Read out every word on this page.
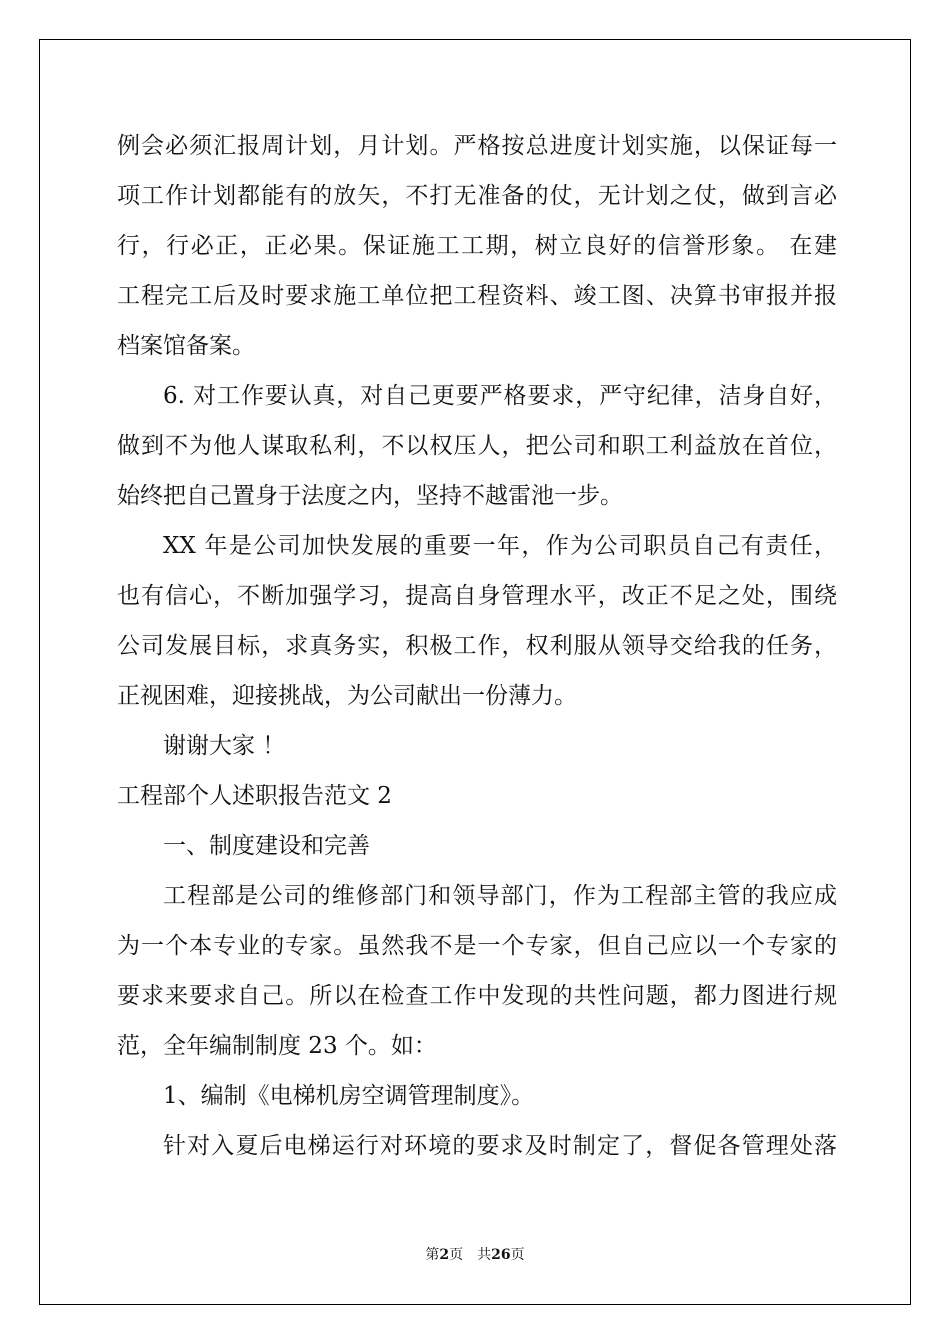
例会必须汇报周计划，月计划。严格按总进度计划实施，以保证每一
项工作计划都能有的放矢，不打无准备的仗，无计划之仗，做到言必
行，行必正，正必果。保证施工工期，树立良好的信誉形象。 在建
工程完工后及时要求施工单位把工程资料、竣工图、决算书审报并报
档案馆备案。
6. 对工作要认真，对自己更要严格要求，严守纪律，洁身自好，
做到不为他人谋取私利，不以权压人，把公司和职工利益放在首位，
始终把自己置身于法度之内，坚持不越雷池一步。
XX 年是公司加快发展的重要一年，作为公司职员自己有责任，
也有信心，不断加强学习，提高自身管理水平，改正不足之处，围绕
公司发展目标，求真务实，积极工作，权利服从领导交给我的任务，
正视困难，迎接挑战，为公司献出一份薄力。
谢谢大家 ！
工程部个人述职报告范文 2
一、制度建设和完善
工程部是公司的维修部门和领导部门，作为工程部主管的我应成
为一个本专业的专家。虽然我不是一个专家，但自己应以一个专家的
要求来要求自己。所以在检查工作中发现的共性问题，都力图进行规
范，全年编制制度 23 个。如：
1、编制《电梯机房空调管理制度》。
针对入夏后电梯运行对环境的要求及时制定了，督促各管理处落
第2页　共26页
